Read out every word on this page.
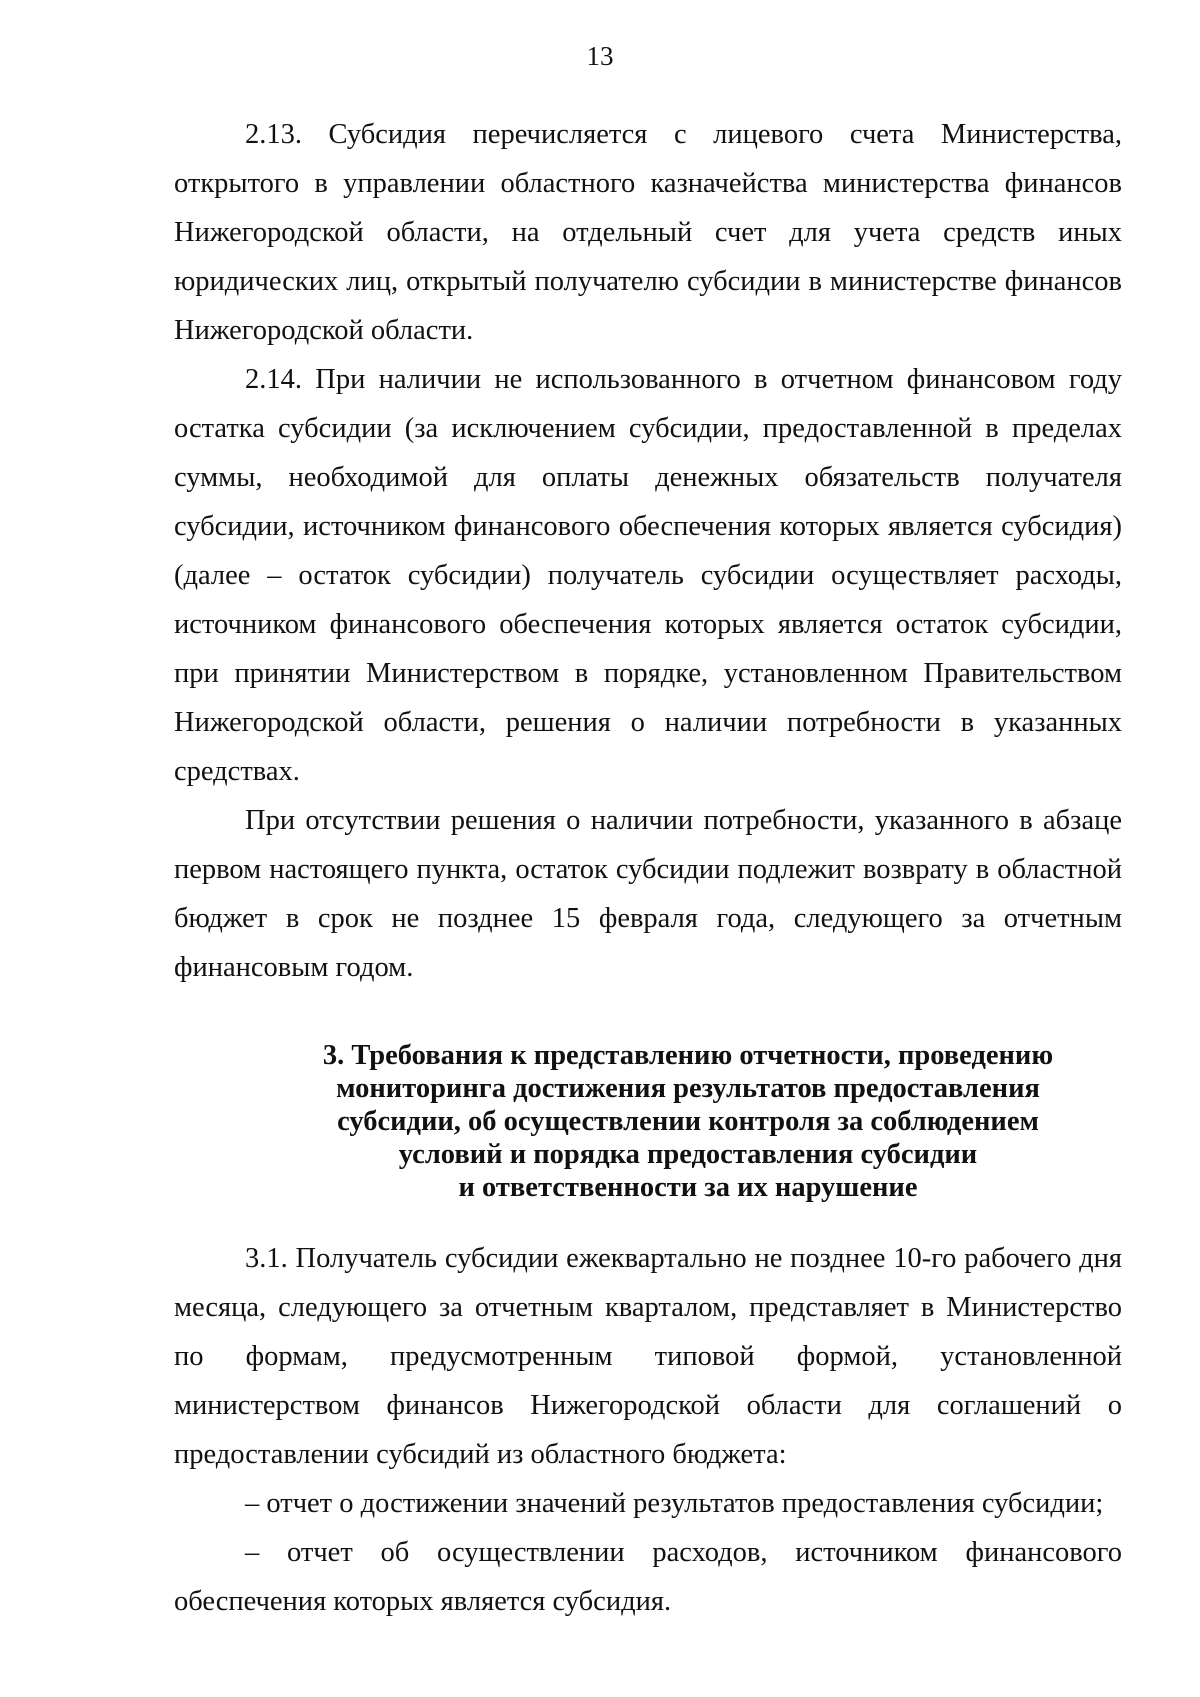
13

2.13. Субсидия перечисляется с лицевого счета Министерства, открытого в управлении областного казначейства министерства финансов Нижегородской области, на отдельный счет для учета средств иных юридических лиц, открытый получателю субсидии в министерстве финансов Нижегородской области.

2.14. При наличии не использованного в отчетном финансовом году остатка субсидии (за исключением субсидии, предоставленной в пределах суммы, необходимой для оплаты денежных обязательств получателя субсидии, источником финансового обеспечения которых является субсидия) (далее – остаток субсидии) получатель субсидии осуществляет расходы, источником финансового обеспечения которых является остаток субсидии, при принятии Министерством в порядке, установленном Правительством Нижегородской области, решения о наличии потребности в указанных средствах.

При отсутствии решения о наличии потребности, указанного в абзаце первом настоящего пункта, остаток субсидии подлежит возврату в областной бюджет в срок не позднее 15 февраля года, следующего за отчетным финансовым годом.

3. Требования к представлению отчетности, проведению
мониторинга достижения результатов предоставления
субсидии, об осуществлении контроля за соблюдением
условий и порядка предоставления субсидии
и ответственности за их нарушение

3.1. Получатель субсидии ежеквартально не позднее 10-го рабочего дня месяца, следующего за отчетным кварталом, представляет в Министерство по формам, предусмотренным типовой формой, установленной министерством финансов Нижегородской области для соглашений о предоставлении субсидий из областного бюджета:

– отчет о достижении значений результатов предоставления субсидии;

– отчет об осуществлении расходов, источником финансового обеспечения которых является субсидия.
